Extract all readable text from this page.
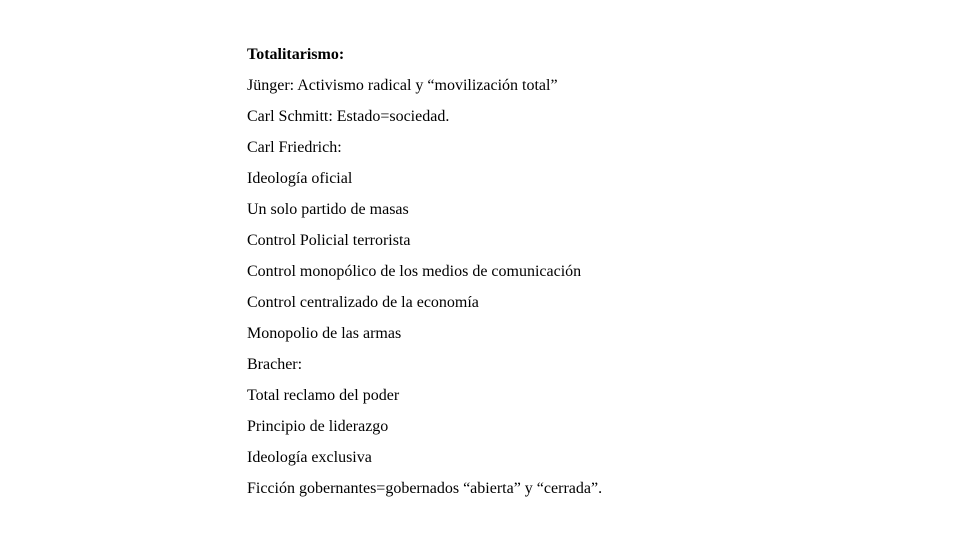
Totalitarismo:
Jünger: Activismo radical y “movilización total”
Carl Schmitt: Estado=sociedad.
Carl Friedrich:
Ideología oficial
Un solo partido de masas
Control Policial terrorista
Control monopólico de los medios de comunicación
Control centralizado de la economía
Monopolio de las armas
Bracher:
Total reclamo del poder
Principio de liderazgo
Ideología exclusiva
Ficción gobernantes=gobernados “abierta” y “cerrada”.
